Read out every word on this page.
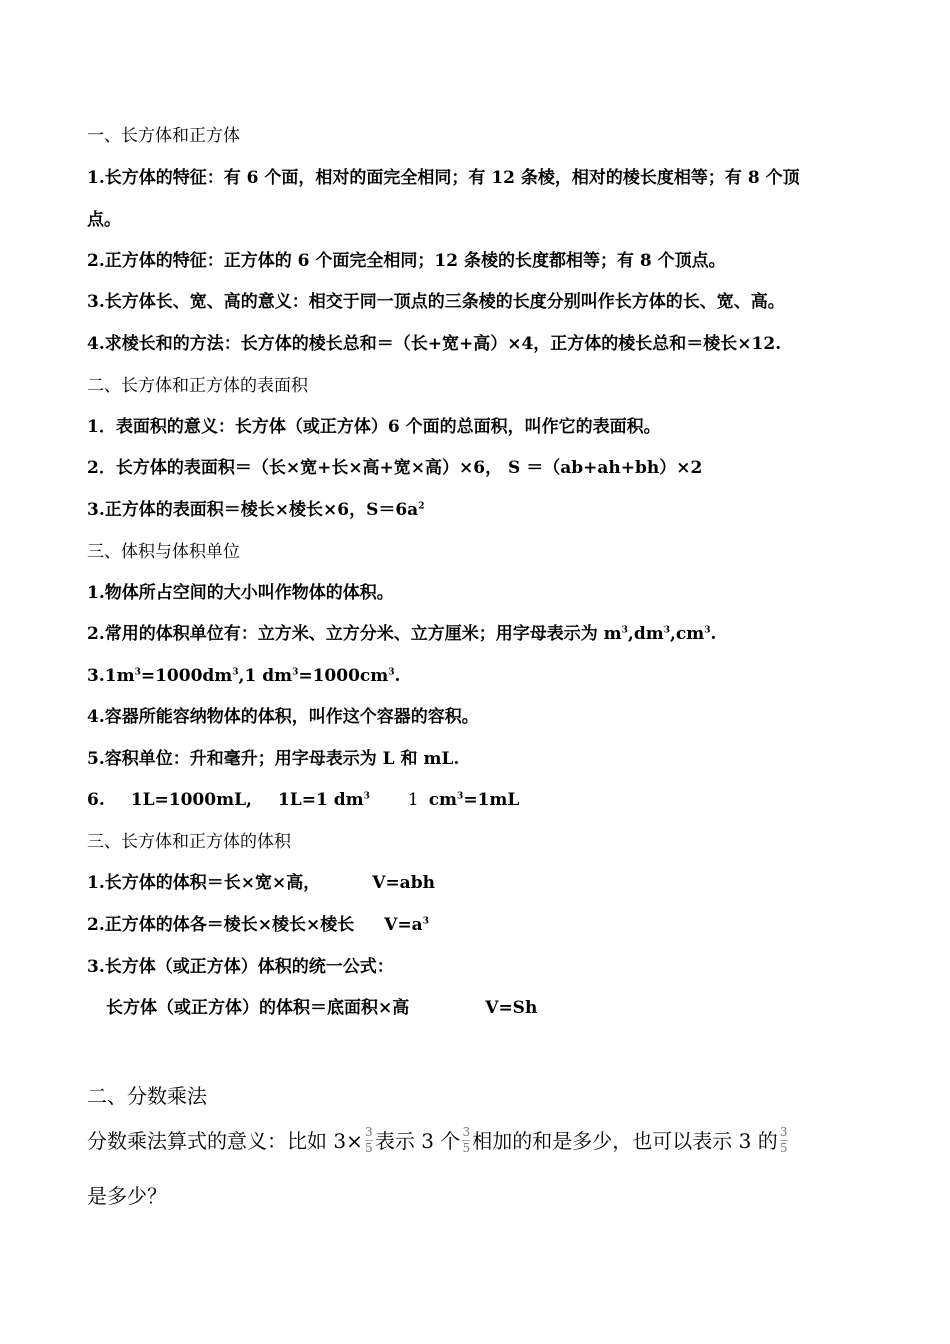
一、长方体和正方体
1.长方体的特征：有 6 个面，相对的面完全相同；有 12 条棱，相对的棱长度相等；有 8 个顶
点。
2.正方体的特征：正方体的 6 个面完全相同；12 条棱的长度都相等；有 8 个顶点。
3.长方体长、宽、高的意义：相交于同一顶点的三条棱的长度分别叫作长方体的长、宽、高。
4.求棱长和的方法：长方体的棱长总和＝（长+宽+高）×4，正方体的棱长总和＝棱长×12.
二、长方体和正方体的表面积
1．表面积的意义：长方体（或正方体）6 个面的总面积，叫作它的表面积。
2．长方体的表面积＝（长×宽+长×高+宽×高）×6， S ＝（ab+ah+bh）×2
3.正方体的表面积＝棱长×棱长×6，$S=6a^2$
三、体积与体积单位
1.物体所占空间的大小叫作物体的体积。
2.常用的体积单位有：立方米、立方分米、立方厘米；用字母表示为 $m^3,dm^3,cm^3$.
$3.1m^3=1000dm^3,1$ $dm^3=1000cm^3$.
4.容器所能容纳物体的体积，叫作这个容器的容积。
5.容积单位：升和毫升；用字母表示为 L 和 mL.
6. 1L=1000mL, 1L=1 $dm^3$ 1 $cm^3=1mL$
三、长方体和正方体的体积
1.长方体的体积＝长×宽×高，	V=abh
2.正方体的体各＝棱长×棱长×棱长 $V=a^3$
3.长方体（或正方体）体积的统一公式：
长方体（或正方体）的体积＝底面积×高	V=Sh
二、分数乘法
分数乘法算式的意义：比如 $3\times \frac{3}{5}$ 表示 3 个 $\frac{3}{5}$ 相加的和是多少，也可以表示 3 的 $\frac{3}{5}$
是多少？
